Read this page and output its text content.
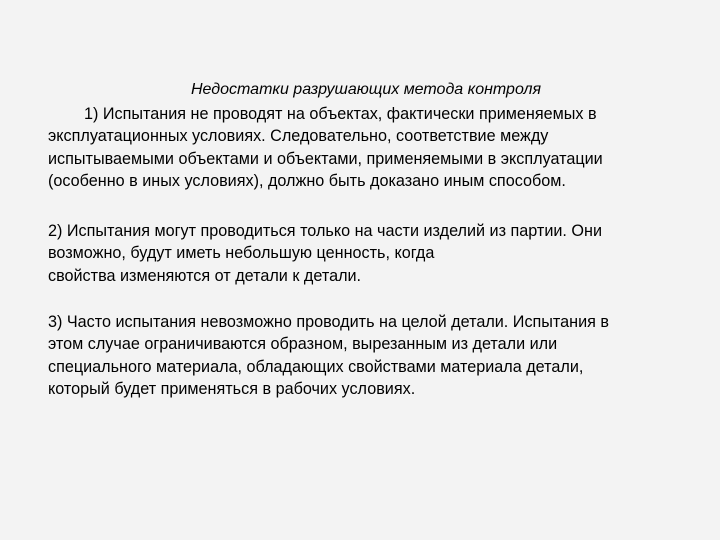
Недостатки разрушающих метода контроля
1) Испытания не проводят на объектах, фактически применяемых в
эксплуатационных условиях. Следовательно, соответствие между
испытываемыми объектами и объектами, применяемыми в эксплуатации
(особенно в иных условиях), должно быть доказано иным способом.
2) Испытания могут проводиться только на части изделий из партии. Они
возможно, будут иметь небольшую ценность, когда
свойства изменяются от детали к детали.
3) Часто испытания невозможно проводить на целой детали. Испытания в
этом случае ограничиваются образном, вырезанным из детали или
специального материала, обладающих свойствами материала детали,
который будет применяться в рабочих условиях.
